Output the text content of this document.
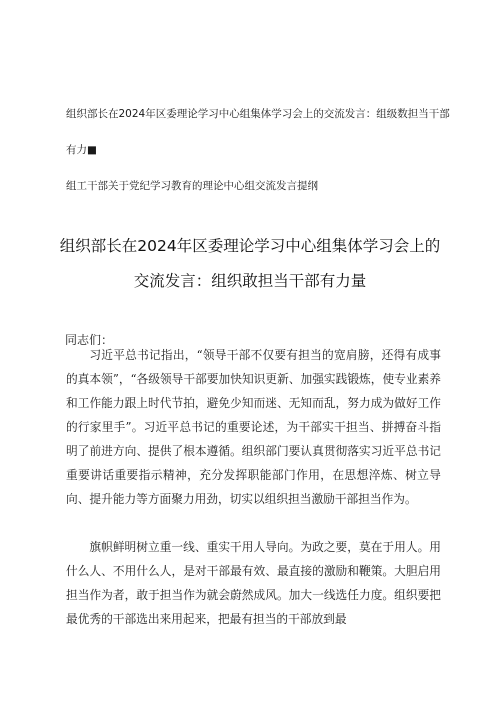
组织部长在2024年区委理论学习中心组集体学习会上的交流发言：组级数担当干部
有力■
组工干部关于党纪学习教育的理论中心组交流发言提纲
组织部长在2024年区委理论学习中心组集体学习会上的
交流发言：组织敢担当干部有力量
同志们：

习近平总书记指出，“领导干部不仅要有担当的宽肩膀，还得有成事的真本领”，“各级领导干部要加快知识更新、加强实践锻炼，使专业素养和工作能力跟上时代节拍，避免少知而迷、无知而乱，努力成为做好工作的行家里手”。习近平总书记的重要论述，为干部实干担当、拼搏奋斗指明了前进方向、提供了根本遵循。组织部门要认真贯彻落实习近平总书记重要讲话重要指示精神，充分发挥职能部门作用，在思想淬炼、树立导向、提升能力等方面聚力用劲，切实以组织担当激励干部担当作为。

旗帜鲜明树立重一线、重实干用人导向。为政之要，莫在于用人。用什么人、不用什么人，是对干部最有效、最直接的激励和鞭策。大胆启用担当作为者，敢于担当作为就会蔚然成风。加大一线选任力度。组织要把最优秀的干部选出来用起来，把最有担当的干部放到最
